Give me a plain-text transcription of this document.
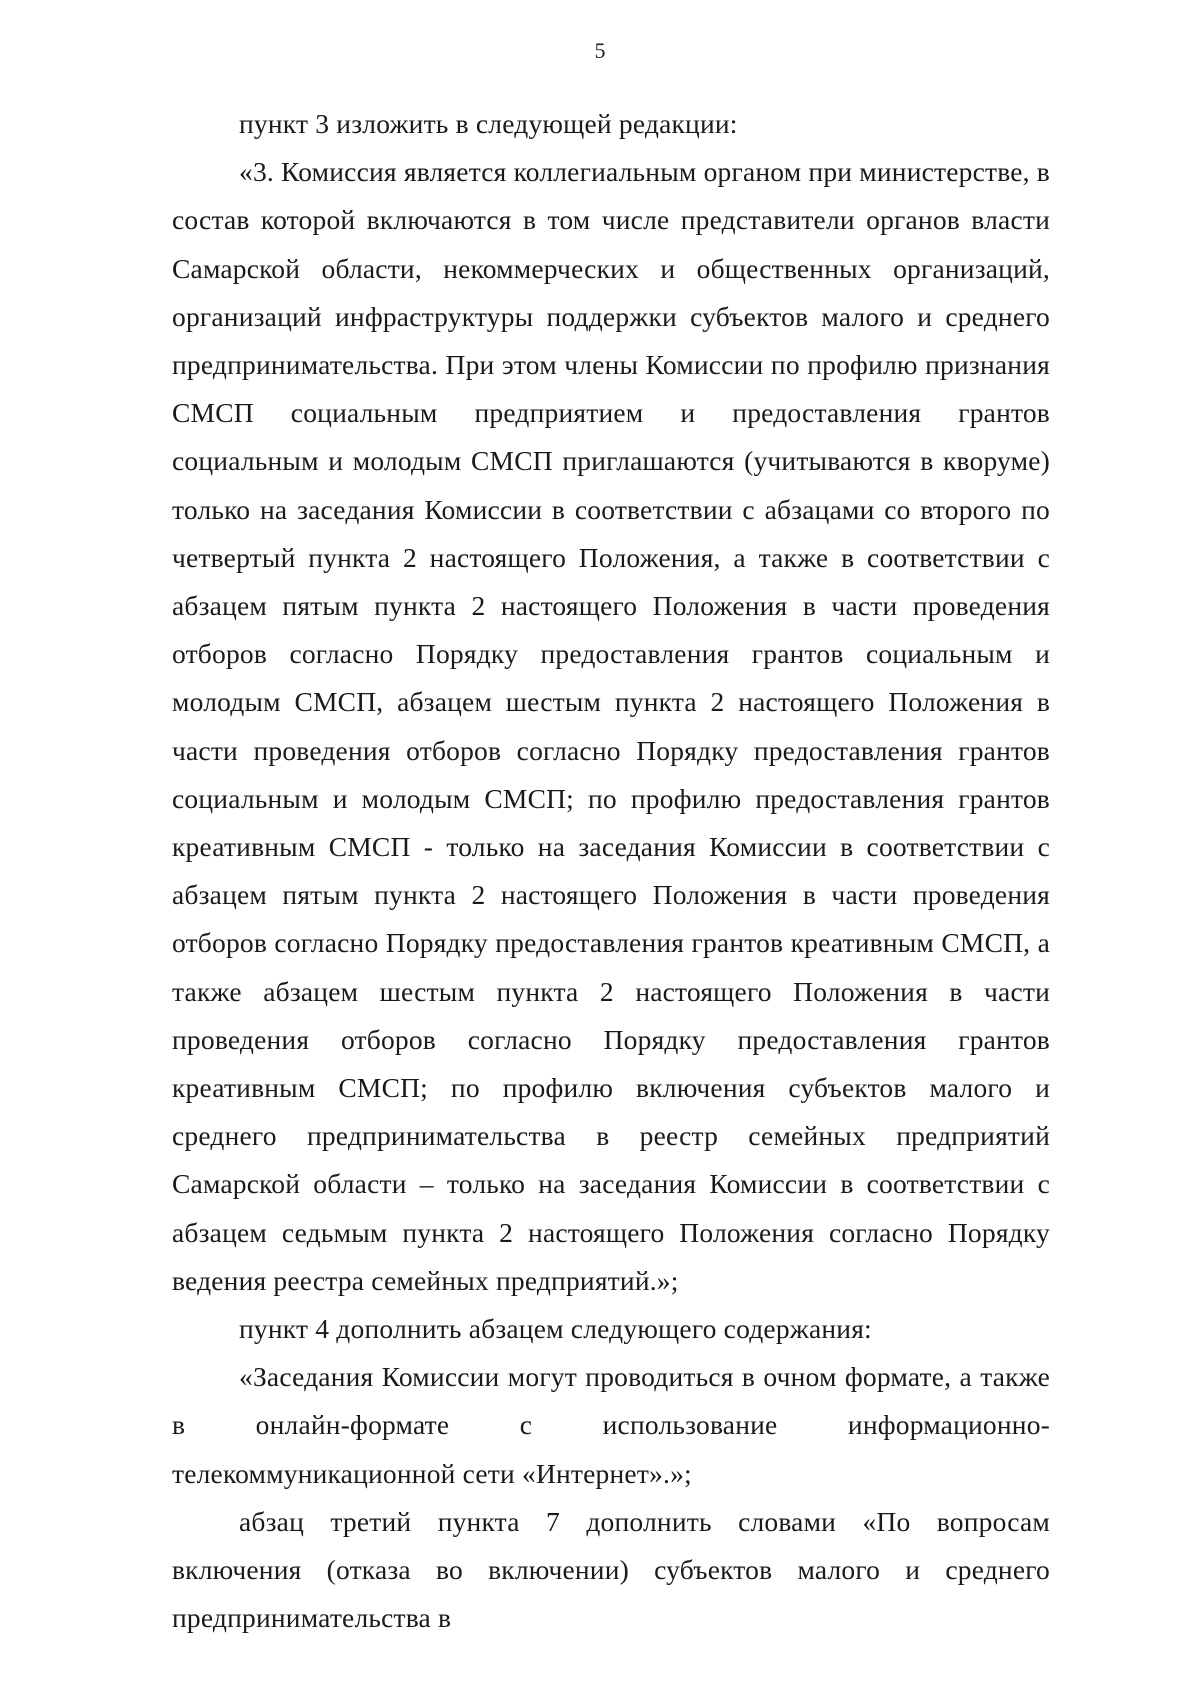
5

пункт 3 изложить в следующей редакции:

«3. Комиссия является коллегиальным органом при министерстве, в состав которой включаются в том числе представители органов власти Самарской области, некоммерческих и общественных организаций, организаций инфраструктуры поддержки субъектов малого и среднего предпринимательства. При этом члены Комиссии по профилю признания СМСП социальным предприятием и предоставления грантов социальным и молодым СМСП приглашаются (учитываются в кворуме) только на заседания Комиссии в соответствии с абзацами со второго по четвертый пункта 2 настоящего Положения, а также в соответствии с абзацем пятым пункта 2 настоящего Положения в части проведения отборов согласно Порядку предоставления грантов социальным и молодым СМСП, абзацем шестым пункта 2 настоящего Положения в части проведения отборов согласно Порядку предоставления грантов социальным и молодым СМСП; по профилю предоставления грантов креативным СМСП - только на заседания Комиссии в соответствии с абзацем пятым пункта 2 настоящего Положения в части проведения отборов согласно Порядку предоставления грантов креативным СМСП, а также абзацем шестым пункта 2 настоящего Положения в части проведения отборов согласно Порядку предоставления грантов креативным СМСП; по профилю включения субъектов малого и среднего предпринимательства в реестр семейных предприятий Самарской области – только на заседания Комиссии в соответствии с абзацем седьмым пункта 2 настоящего Положения согласно Порядку ведения реестра семейных предприятий.»;

пункт 4 дополнить абзацем следующего содержания:

«Заседания Комиссии могут проводиться в очном формате, а также в онлайн-формате с использование информационно-телекоммуникационной сети «Интернет».»;

абзац третий пункта 7 дополнить словами «По вопросам включения (отказа во включении) субъектов малого и среднего предпринимательства в
